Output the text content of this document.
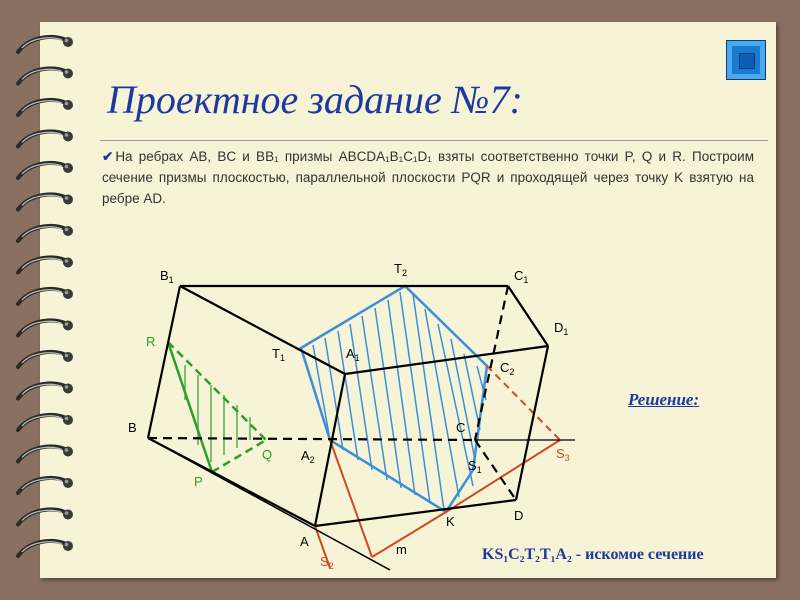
Проектное задание №7:
✔ На ребрах AB, BC и BB₁ призмы ABCDA₁B₁C₁D₁ взяты соответственно точки P, Q и R. Построим сечение призмы плоскостью, параллельной плоскости PQR и проходящей через точку K взятую на ребре AD.
$B_1$
$T_2$	$C_1$
$D_1$
R
$T_1$	$A_1$
$C_2$
B	C
Q $A_2$	$S_1$
$S_3$
P
K	D
A
m
$S_2$
Решение:
KS₁C₂T₂T₁A₂ - искомое сечение
